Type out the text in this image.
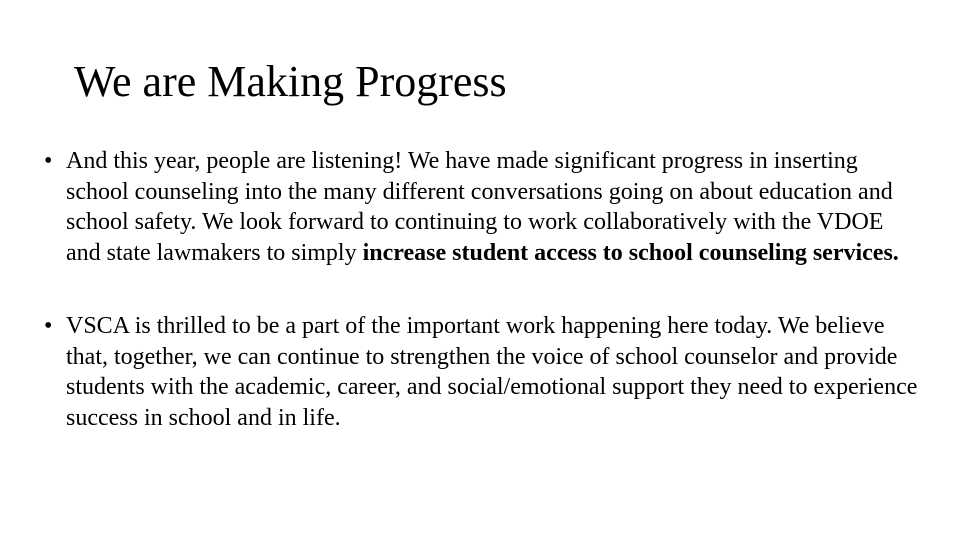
We are Making Progress
• And this year, people are listening! We have made significant progress in inserting school counseling into the many different conversations going on about education and school safety. We look forward to continuing to work collaboratively with the VDOE and state lawmakers to simply increase student access to school counseling services.
• VSCA is thrilled to be a part of the important work happening here today. We believe that, together, we can continue to strengthen the voice of school counselor and provide students with the academic, career, and social/emotional support they need to experience success in school and in life.
